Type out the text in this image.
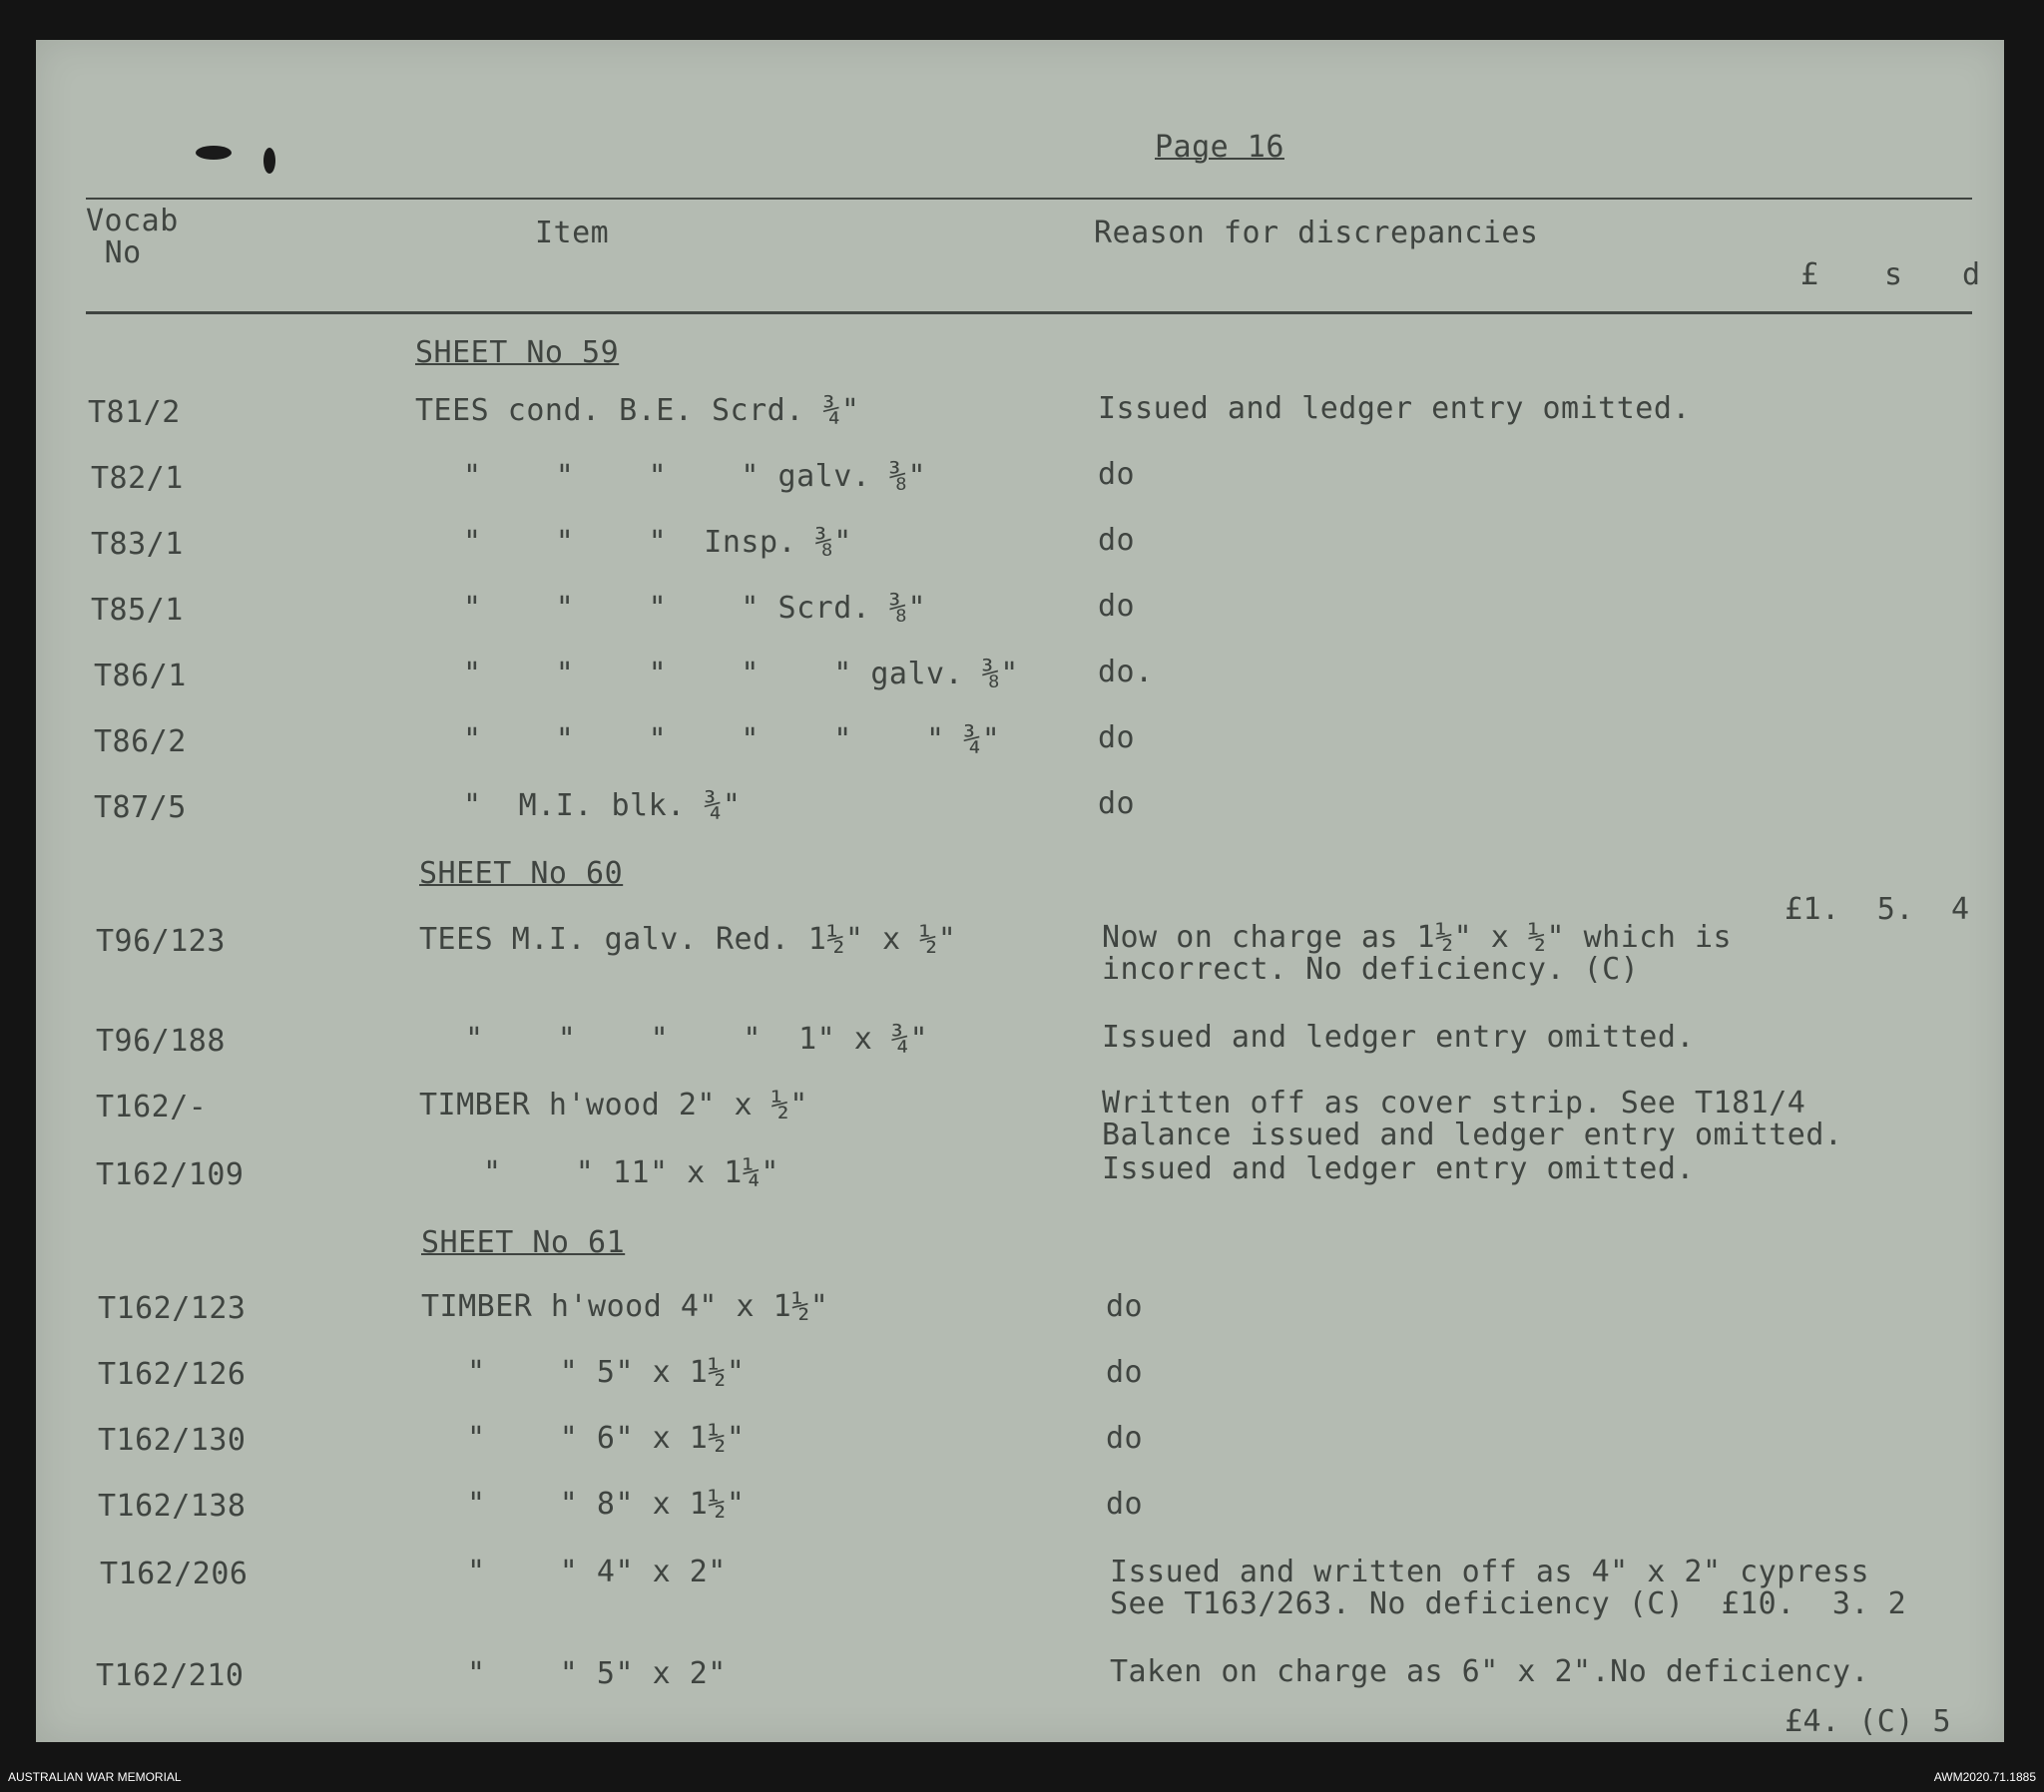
Page 16
Vocab
No
Item	Reason for discrepancies
£ s d
SHEET No 59
T81/2	TEES cond. B.E. Scrd. ¾"	Issued and ledger entry omitted.
T82/1	"    "    "    " galv. ⅜"	do
T83/1	"    "    "  Insp. ⅜"	do
T85/1	"    "    "    " Scrd. ⅜"	do
T86/1	"    "    "    "    " galv. ⅜"	do.
T86/2	"    "    "    "    "    " ¾"	do
T87/5	"  M.I. blk. ¾"	do
SHEET No 60
£1.  5.  4
T96/123	TEES M.I. galv. Red. 1½" x ½"	Now on charge as 1½" x ½" which is
incorrect. No deficiency. (C)
T96/188	"    "    "    "  1" x ¾"	Issued and ledger entry omitted.
T162/-	TIMBER h'wood 2" x ½"	Written off as cover strip. See T181/4
Balance issued and ledger entry omitted.
T162/109	"    " 11" x 1¼"	Issued and ledger entry omitted.
SHEET No 61
T162/123	TIMBER h'wood 4" x 1½"	do
T162/126	"    " 5" x 1½"	do
T162/130	"    " 6" x 1½"	do
T162/138	"    " 8" x 1½"	do
T162/206	"    " 4" x 2"	Issued and written off as 4" x 2" cypress
See T163/263. No deficiency (C)  £10.  3. 2
T162/210	"    " 5" x 2"	Taken on charge as 6" x 2".No deficiency.
£4. (C) 5
AUSTRALIAN WAR MEMORIAL	AWM2020.71.1885
